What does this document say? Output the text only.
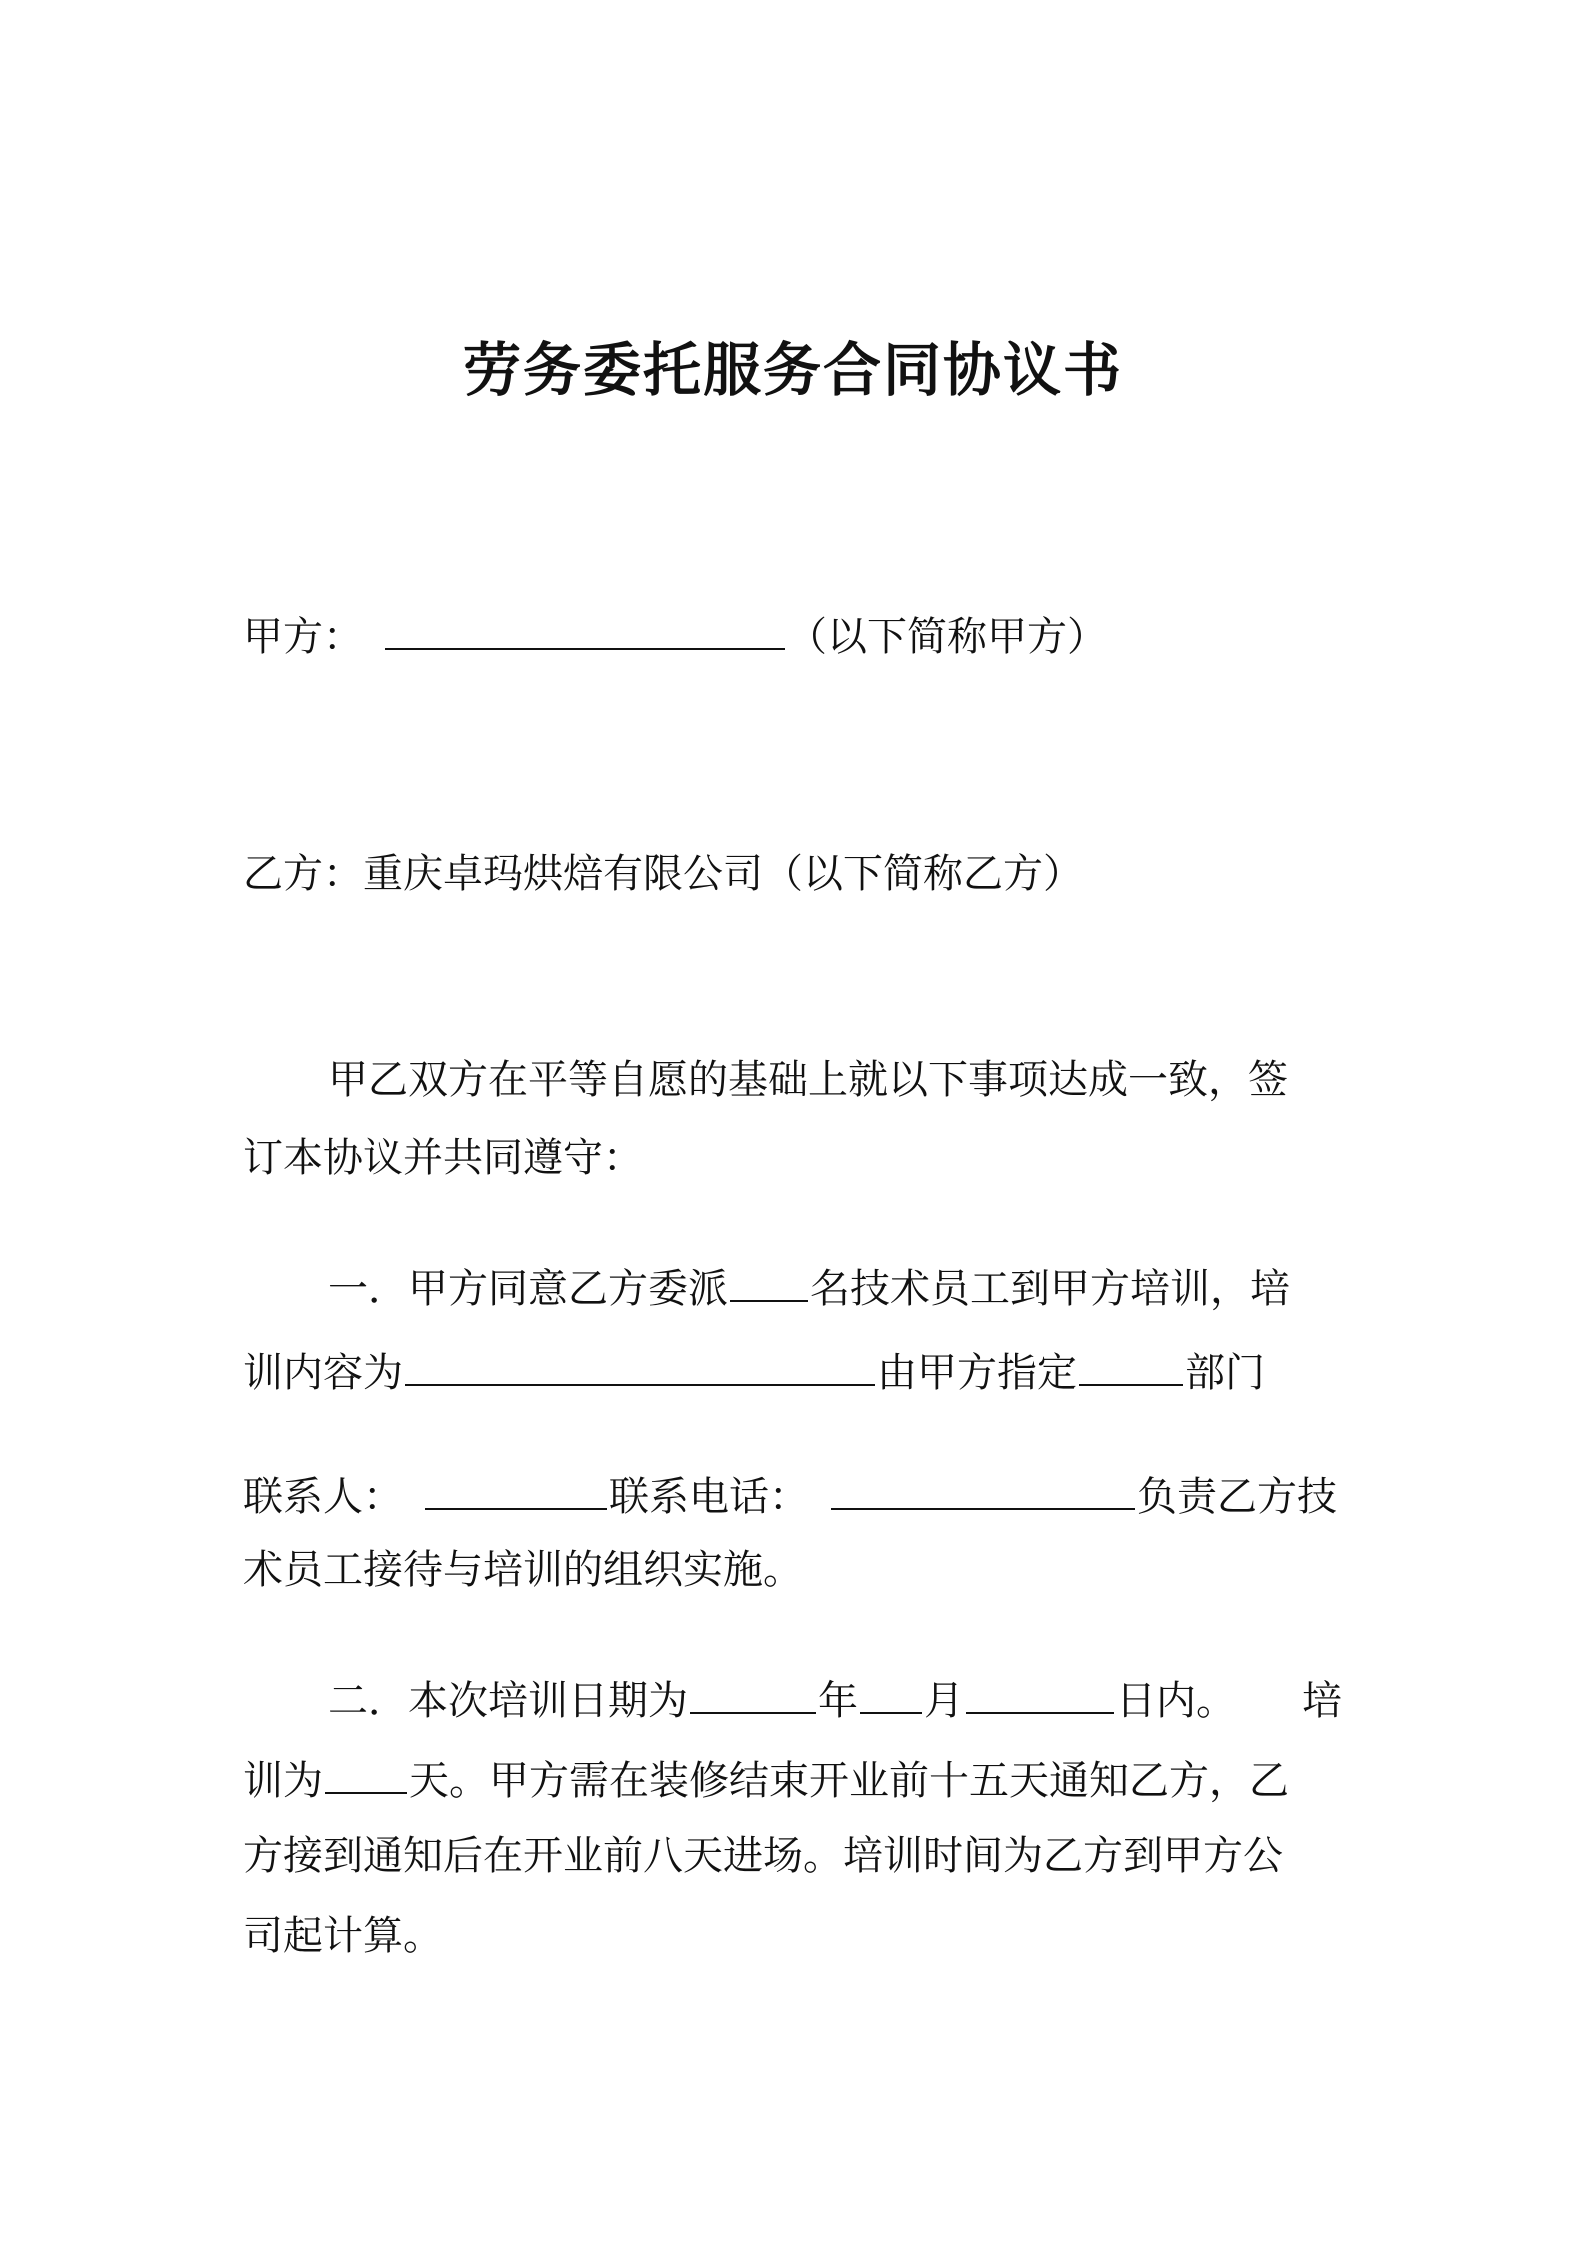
劳务委托服务合同协议书
甲方：	（以下简称甲方）
乙方：重庆卓玛烘焙有限公司（以下简称乙方）
甲乙双方在平等自愿的基础上就以下事项达成一致，签
订本协议并共同遵守：
一．甲方同意乙方委派 名技术员工到甲方培训，培
训内容为	由甲方指定	部门
联系人：	联系电话：	负责乙方技
术员工接待与培训的组织实施。
二．本次培训日期为	年 月	日内。 培
训为 天。甲方需在装修结束开业前十五天通知乙方，乙
方接到通知后在开业前八天进场。培训时间为乙方到甲方公
司起计算。
